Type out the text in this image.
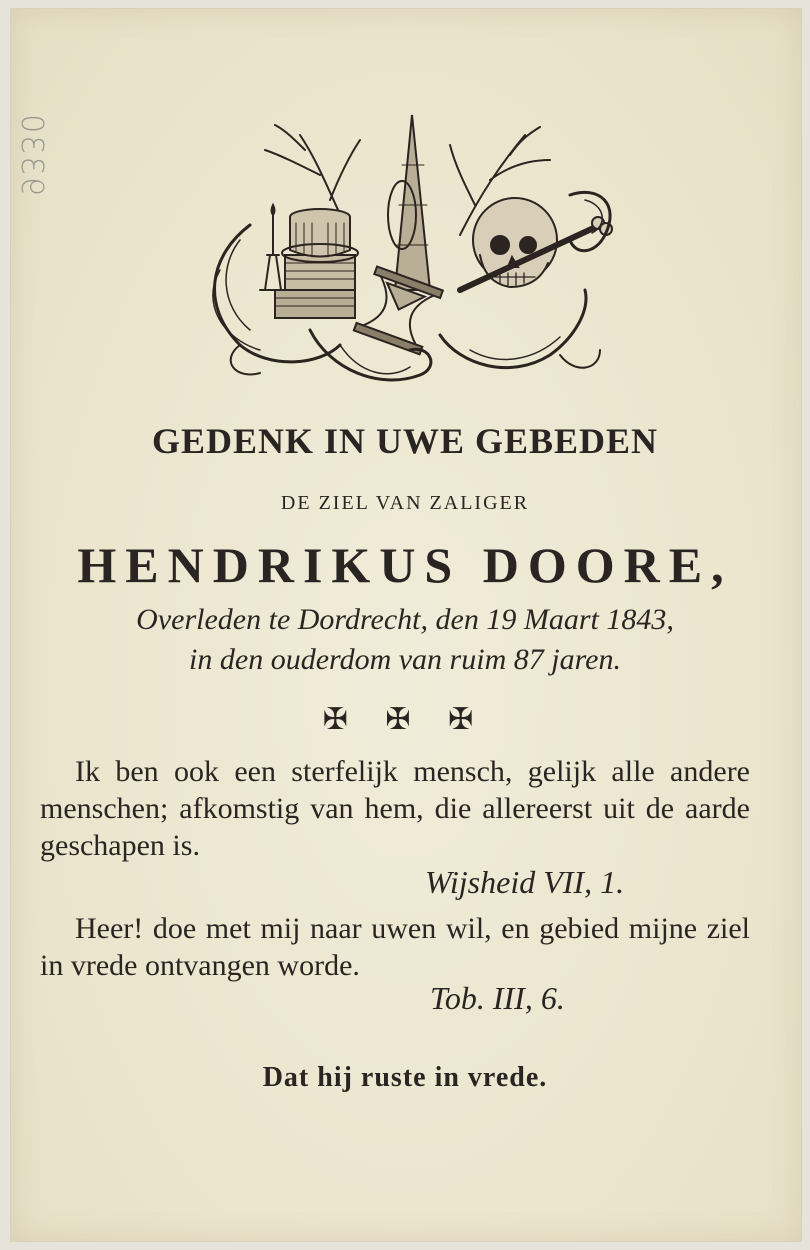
9330
GEDENK IN UWE GEBEDEN
DE ZIEL VAN ZALIGER
HENDRIKUS DOORE,
Overleden te Dordrecht, den 19 Maart 1843,
in den ouderdom van ruim 87 jaren.
✠ ✠ ✠
Ik ben ook een sterfelijk mensch, gelijk alle andere menschen; afkomstig van hem, die allereerst uit de aarde geschapen is.
Wijsheid VII, 1.
Heer! doe met mij naar uwen wil, en gebied mijne ziel in vrede ontvangen worde.
Tob. III, 6.
Dat hij ruste in vrede.
